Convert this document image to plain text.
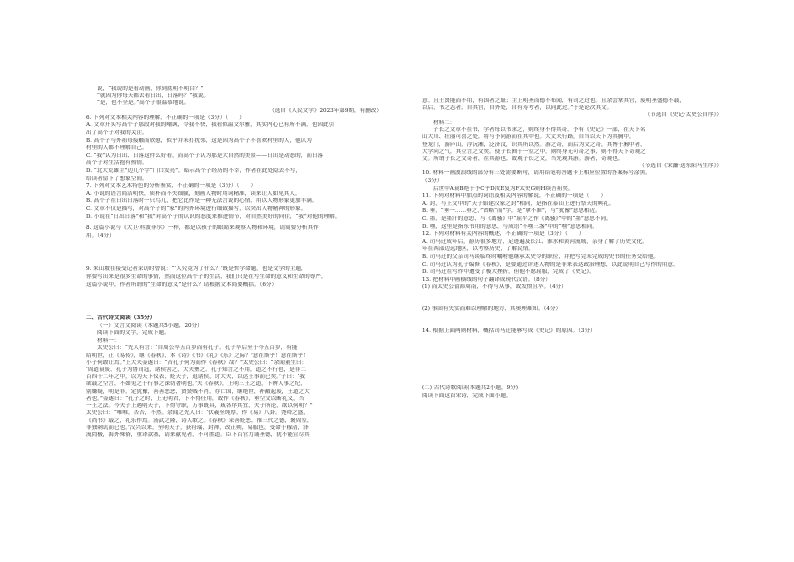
说，“我说的是看动画，你到底明不明白？”

“就因为你每天都去看日出，日落吗？”我说。

“是，也不全是。”高个子很温恭地说。

（选自《人民文学》2023年第9期，有删改）

6. 下列对文本相关内容的理解，不正确的一项是（3分）（　　）

A. 文章开头写高个子那段对我的嘲讽，令我不快，我看似温文尔雅，其实内心已有所不满，也因此引

出了高个子对我的关注。

B. 高个子与外祖母接触而欣慰，似乎并未打扰邻，这是因为高个子不喜欢村里的人，他认为

村里的人都不理解自己。

C. “我”认为日出、日落这件么好看，而高个子认为那是大自然的美景——日出是动态的，而日落

高个子对生活抱有热情。

D. “北大荒雄主”边几个字“门口发亮”，暗示高个子经历的不幸，作者在此处隐去不写，

给读者留下了想象空间。

7. 下列对文本艺术特色的分析鉴赏，不正确的一项是（3分）（　　）

A. 小说的语言简洁明快，质朴而不失细腻，刻画人物时用词精准，读来让人如见其人。

B. 高个子在日出日落时一只鸟儿，把它比作是一种无法言说的心情，用以人物形象更加丰满。

C. 文章不仅是描写，对高个子的“家”的内外环境进行细致描写，以突出人物精神的形象。

D. 小说在“日出日落”和“我”对高个子的认识的态度来推进情节，对自然美好的向往，“我”对他的理解。

8. 这篇小说与《大卫·科波菲尔》一样，都是以孩子的眼睛来观察人物和环境，请简要分析其作

用。（4分）

9. 朱山坡在接受记者采访时曾说：“‘人究竟为了什么？’既是哲学命题，也是文学的主题，

你要写出来是很多生命的事情，然而这位高个子的生活，我们只是在写生命的意义和生命的尊严，

这篇小说中，作者所谓的“生命的意义”是什么？请根据文本简要概括。（6分）

二、古代诗文阅读（35分）

（一）文言文阅读（本题共5小题，20分）

阅读下面的文字，完成下题。

材料一：

太史公曰：“先人有言：‘自周公卒五百岁而有孔子。孔子卒后至于今五百岁，有能

绍明世，正《易传》，继《春秋》，本《诗》《书》《礼》《乐》之际？’意在斯乎！意在斯乎！

小子何敢让焉。”上大夫壶遂曰：“昔孔子何为而作《春秋》哉？”太史公曰：“余闻董生曰：

‘周道衰废，孔子为鲁司寇，诸侯害之，大夫壅之。孔子知言之不用，道之不行也，是非二

百四十二年之中，以为天下仪表，贬天子，退诸侯，讨大夫，以达王事而已矣。’子曰：‘我

欲载之空言，不如见之于行事之深切著明也。’夫《春秋》，上明三王之道，下辨人事之纪，

别嫌疑，明是非，定犹豫，善善恶恶，贤贤贱不肖，存亡国，继绝世，补敝起废，王道之大

者也。”壶遂曰：“孔子之时，上无明君，下不得任用，故作《春秋》，垂空文以断礼义，当

一王之法。今夫子上遇明天子，下得守职，万事既具，咸各序其宜，夫子所论，欲以何明？”

太史公曰：“唯唯，否否，不然。余闻之先人曰：‘伏羲至纯厚，作《易》八卦。尧舜之盛，

《尚书》载之，礼乐作焉。汤武之隆，诗人歌之。《春秋》采善贬恶，推三代之德，褒周室，

非独刺讥而已也。’汉兴以来，至明天子，获符瑞，封禅，改正朔，易服色，受命于穆清，泽

流罔极，海外殊俗，重译款塞，请来献见者，不可胜道。臣下百官力诵圣德，犹不能宣尽其

意。且士贤能而不用，有国者之耻；主上明圣而德不布闻，有司之过也。且余尝掌其官，废明圣盛德不载，

以后，书之志者，自其宫，自外处，自有寿考者，以同此过。”于是论次其文。

（节选自《史记·太史公自序》）

材料二：

子长之文章不在书，学者每以书求之，则终身不得其奇。予有《史记》一部，在天下名

山大川、壮丽可喜之处，将与予同游而在其中也。大丈夫行路，自当以天下为其胸中，

登龙门，游庐山，浮沅湘，泛济汶，识其所以然。游之奇，而后为文之奇，其博于胸中者，

大学问之气，其立言之文矣。使子长囿于一室之中，则终身无可奇之事，则不得天下奇观之

文。所谓子长之文奇者，在其游也。故观子长之文，当先观其游。游者，奇观也。

（节选自《宋濂·送东阳马生序》）

10. 材料一画波浪线的部分有三处需要断句，请用铅笔将答题卡上相应位置的答案标号涂黑。

（3分）

后世中A衰B绝于予C乎D汝E复为F太史G则H续吾祖矣。

11. 下列对材料中加点的词语及相关内容的解说，不正确的一项是（　　）

A. 封，与上文中的“天子始建汉家之封”相同，是指在泰山上进行祭天的典礼。

B. 垂，“垂一……垂之，”省略“而”字，是“拿不准”，与“犹豫”意思相近。

C. 墨，是墨汁的意思，与《离骚》中“屈平之作《离骚》”中的“墨”意思不同。

D. 嘿，这里是指东书用的意思，与成语“不嘿三盏”中的“嘿”意思相同。

12. 下列对材料有关内容的概述，不正确的一项是（3分）（　　）

A. 司马迁成年后，游历很多地方，足迹遍及长江、淮水和黄河流域，亲身了解了历史文化。

年在西部边远地区，以考察历史，了解民情。

B. 司马迁的父亲司马谈临终时嘱咐他继承太史令的职位，并把写完未完成的史书的任务交给他。

C. 司马迁认为孔子编修《春秋》，是要通过评述人物的是非来表达政治理想，以此说明自己写作的用意。

D. 司马迁在写作中遭受了极大挫折，但他不愿屈服，完成了《史记》。

13. 把材料中画横线的句子翻译成现代汉语。（8分）

(1) 而太史公留滞周南，不得与从事，故发愤且卒。（4分）

(2) 事固有失实而难以理解的地方，其奥理难知。（4分）

14. 根据上面两则材料，概括司马迁能够写成《史记》的原因。（3分）

(二) 古代诗歌阅读(本题共2小题，9分)

阅读下面这首宋诗，完成下面小题。
